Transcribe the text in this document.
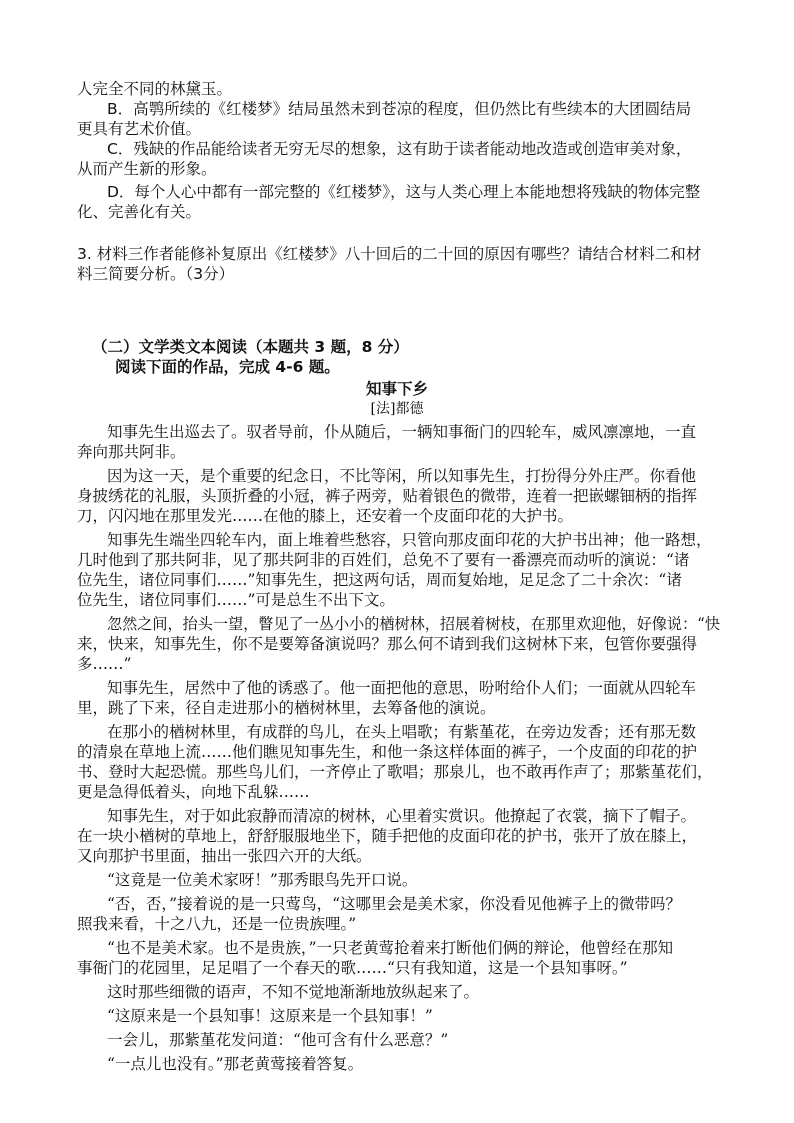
人完全不同的林黛玉。
B．高鹗所续的《红楼梦》结局虽然未到苍凉的程度，但仍然比有些续本的大团圆结局
更具有艺术价值。
C．残缺的作品能给读者无穷无尽的想象，这有助于读者能动地改造或创造审美对象，
从而产生新的形象。
D．每个人心中都有一部完整的《红楼梦》，这与人类心理上本能地想将残缺的物体完整
化、完善化有关。
3. 材料三作者能修补复原出《红楼梦》八十回后的二十回的原因有哪些？请结合材料二和材
料三简要分析。（3分）
（二）文学类文本阅读（本题共 3 题，8 分）
阅读下面的作品，完成 4-6 题。
知事下乡
[法]都德
知事先生出巡去了。驭者导前，仆从随后，一辆知事衙门的四轮车，威风凛凛地，一直
奔向那共阿非。
因为这一天，是个重要的纪念日，不比等闲，所以知事先生，打扮得分外庄严。你看他
身披绣花的礼服，头顶折叠的小冠，裤子两旁，贴着银色的微带，连着一把嵌螺钿柄的指挥
刀，闪闪地在那里发光……在他的膝上，还安着一个皮面印花的大护书。
知事先生端坐四轮车内，面上堆着些愁容，只管向那皮面印花的大护书出神；他一路想，
几时他到了那共阿非，见了那共阿非的百姓们，总免不了要有一番漂亮而动听的演说：“诸
位先生，诸位同事们……”知事先生，把这两句话，周而复始地，足足念了二十余次：“诸
位先生，诸位同事们……”可是总生不出下文。
忽然之间，抬头一望，瞥见了一丛小小的楢树林，招展着树枝，在那里欢迎他，好像说：“快
来，快来，知事先生，你不是要筹备演说吗？那么何不请到我们这树林下来，包管你要强得
多……”
知事先生，居然中了他的诱惑了。他一面把他的意思，吩咐给仆人们；一面就从四轮车
里，跳了下来，径自走进那小的楢树林里，去筹备他的演说。
在那小的楢树林里，有成群的鸟儿，在头上唱歌；有紫堇花，在旁边发香；还有那无数
的清泉在草地上流……他们瞧见知事先生，和他一条这样体面的裤子，一个皮面的印花的护
书、登时大起恐慌。那些鸟儿们，一齐停止了歌唱；那泉儿，也不敢再作声了；那紫堇花们，
更是急得低着头，向地下乱躲……
知事先生，对于如此寂静而清凉的树林，心里着实赏识。他撩起了衣裳，摘下了帽子。
在一块小楢树的草地上，舒舒服服地坐下，随手把他的皮面印花的护书，张开了放在膝上，
又向那护书里面，抽出一张四六开的大纸。
“这竟是一位美术家呀！”那秀眼鸟先开口说。
“否，否，”接着说的是一只莺鸟，“这哪里会是美术家，你没看见他裤子上的微带吗？
照我来看，十之八九，还是一位贵族哩。”
“也不是美术家。也不是贵族，”一只老黄莺抢着来打断他们俩的辩论，他曾经在那知
事衙门的花园里，足足唱了一个春天的歌……“只有我知道，这是一个县知事呀。”
这时那些细微的语声，不知不觉地渐渐地放纵起来了。
“这原来是一个县知事！这原来是一个县知事！”
一会儿，那紫堇花发问道：“他可含有什么恶意？”
“一点儿也没有。”那老黄莺接着答复。
